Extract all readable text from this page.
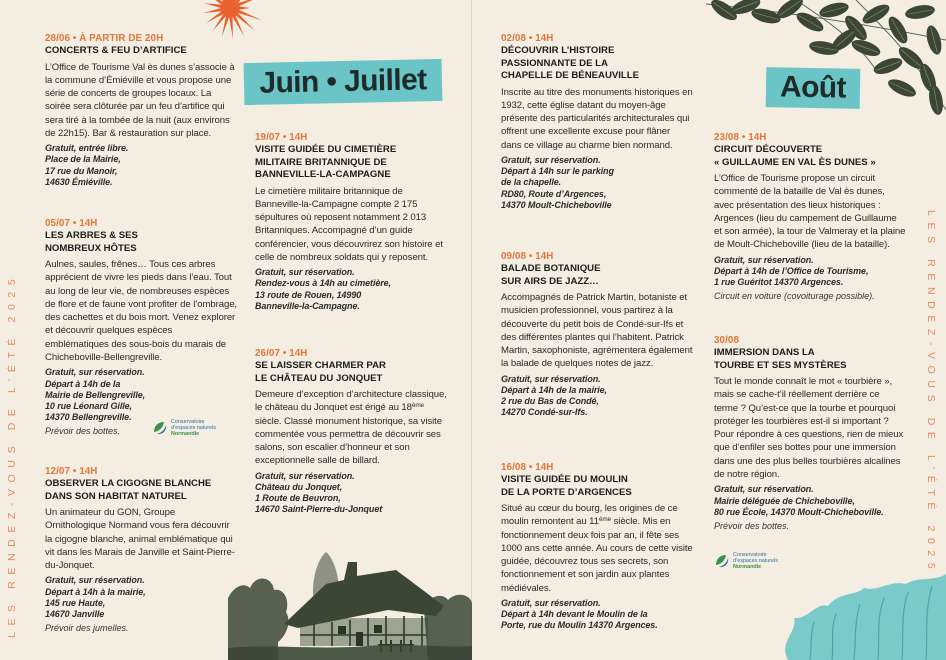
LES RENDEZ-VOUS DE L’ÉTÉ 2025	LES RENDEZ-VOUS DE L’ÉTÉ 2025
Juin • Juillet	Août
28/06 • À PARTIR DE 20H
CONCERTS & FEU D’ARTIFICE

L’Office de Tourisme Val ès dunes s’associe à la commune d’Émiéville et vous propose une série de concerts de groupes locaux. La soirée sera clôturée par un feu d’artifice qui sera tiré à la tombée de la nuit (aux environs de 22h15). Bar & restauration sur place.

Gratuit, entrée libre.
Place de la Mairie,
17 rue du Manoir,
14630 Émiéville.
05/07 • 14H
LES ARBRES & SES
NOMBREUX HÔTES

Aulnes, saules, frênes… Tous ces arbres apprécient de vivre les pieds dans l’eau. Tout au long de leur vie, de nombreuses espèces de flore et de faune vont profiter de l’ombrage, des cachettes et du bois mort. Venez explorer et découvrir quelques espèces emblématiques des sous-bois du marais de Chicheboville-Bellengreville.

Gratuit, sur réservation.
Départ à 14h de la
Mairie de Bellengreville,
10 rue Léonard Gille,
14370 Bellengreville.
Prévoir des bottes.
Conservatoire
d’espaces naturels
Normandie
12/07 • 14H
OBSERVER LA CIGOGNE BLANCHE
DANS SON HABITAT NATUREL

Un animateur du GON, Groupe Ornithologique Normand vous fera découvrir la cigogne blanche, animal emblématique qui vit dans les Marais de Janville et Saint-Pierre-du-Jonquet.

Gratuit, sur réservation.
Départ à 14h à la mairie,
145 rue Haute,
14670 Janville
Prévoir des jumelles.
19/07 • 14H
VISITE GUIDÉE DU CIMETIÈRE
MILITAIRE BRITANNIQUE DE
BANNEVILLE-LA-CAMPAGNE

Le cimetière militaire britannique de Banneville-la-Campagne compte 2 175 sépultures où reposent notamment 2 013 Britanniques. Accompagné d’un guide conférencier, vous découvrirez son histoire et celle de nombreux soldats qui y reposent.

Gratuit, sur réservation.
Rendez-vous à 14h au cimetière,
13 route de Rouen, 14990
Banneville-la-Campagne.
26/07 • 14H
SE LAISSER CHARMER PAR
LE CHÂTEAU DU JONQUET

Demeure d’exception d’architecture classique, le château du Jonquet est érigé au 18ème siècle. Classé monument historique, sa visite commentée vous permettra de découvrir ses salons, son escalier d’honneur et son exceptionnelle salle de billard.

Gratuit, sur réservation.
Château du Jonquet,
1 Route de Beuvron,
14670 Saint-Pierre-du-Jonquet
02/08 • 14H
DÉCOUVRIR L’HISTOIRE
PASSIONNANTE DE LA
CHAPELLE DE BÉNEAUVILLE

Inscrite au titre des monuments historiques en 1932, cette église datant du moyen-âge présente des particularités architecturales qui offrent une excellente excuse pour flâner dans ce village au charme bien normand.

Gratuit, sur réservation.
Départ à 14h sur le parking
de la chapelle.
RD80, Route d’Argences,
14370 Moult-Chicheboville
09/08 • 14H
BALADE BOTANIQUE
SUR AIRS DE JAZZ…

Accompagnés de Patrick Martin, botaniste et musicien professionnel, vous partirez à la découverte du petit bois de Condé-sur-Ifs et des différentes plantes qui l’habitent. Patrick Martin, saxophoniste, agrémentera également la balade de quelques notes de jazz.

Gratuit, sur réservation.
Départ à 14h de la mairie,
2 rue du Bas de Condé,
14270 Condé-sur-Ifs.
16/08 • 14H
VISITE GUIDÉE DU MOULIN
DE LA PORTE D’ARGENCES

Situé au cœur du bourg, les origines de ce moulin remontent au 11ème siècle. Mis en fonctionnement deux fois par an, il fête ses 1000 ans cette année. Au cours de cette visite guidée, découvrez tous ses secrets, son fonctionnement et son jardin aux plantes médiévales.

Gratuit, sur réservation.
Départ à 14h devant le Moulin de la
Porte, rue du Moulin 14370 Argences.
23/08 • 14H
CIRCUIT DÉCOUVERTE
« GUILLAUME EN VAL ÈS DUNES »

L’Office de Tourisme propose un circuit commenté de la bataille de Val ès dunes, avec présentation des lieux historiques : Argences (lieu du campement de Guillaume et son armée), la tour de Valmeray et la plaine de Moult-Chicheboville (lieu de la bataille).

Gratuit, sur réservation.
Départ à 14h de l’Office de Tourisme,
1 rue Guéritot 14370 Argences.
Circuit en voiture (covoiturage possible).
30/08
IMMERSION DANS LA
TOURBE ET SES MYSTÈRES

Tout le monde connaît le mot « tourbière », mais se cache-t’il réellement derrière ce terme ? Qu’est-ce que la tourbe et pourquoi protéger les tourbières est-il si important ? Pour répondre à ces questions, rien de mieux que d’enfiler ses bottes pour une immersion dans une des plus belles tourbières alcalines de notre région.

Gratuit, sur réservation.
Mairie déléguée de Chicheboville,
80 rue École, 14370 Moult-Chicheboville.
Prévoir des bottes.
Conservatoire
d’espaces naturels
Normandie
